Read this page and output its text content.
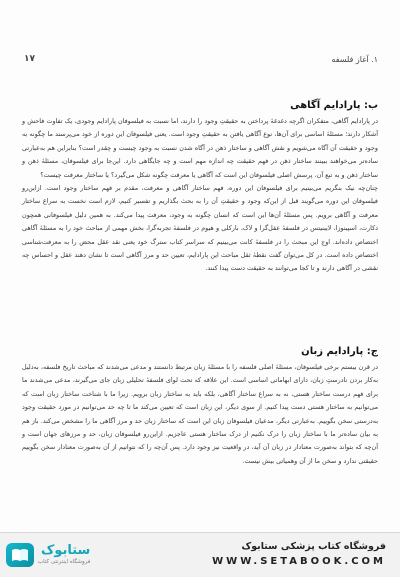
۱. آغاز فلسفه
۱۷
ب: پارادایم آگاهی

در پارادایم آگاهی، متفکران اگرچه دغدغهٔ پرداختن به حقیقتِ وجود را دارند، اما نسبت به فیلسوفان پارادایم وجودی، یک تفاوت فاحش و آشکار دارند؛ مسئلهٔ اساسی برای آن‌ها، نوع آگاهی یافتن به حقیقتِ وجود است. یعنی فیلسوفان این دوره از خود می‌پرسند ما چگونه به وجود و حقیقت آن آگاه می‌شویم و نقش آگاهی و ساختار ذهن در آگاه شدن نسبت به وجود چیست و چقدر است؟ بنابراین هم به‌عبارتی ساده‌تر می‌خواهند ببینند ساختار ذهن در فهم حقیقت چه اندازه مهم است و چه جایگاهی دارد. این‌جا برای فیلسوفان، مسئلهٔ ذهن و ساختار ذهن و به تبع آن، پرسش اصلی فیلسوفان این است که آگاهی یا معرفت چگونه شکل می‌گیرد؟ یا ساختار معرفت چیست؟

چنان‌چه نیک بنگریم می‌بینیم برای فیلسوفان این دوره، فهم ساختار آگاهی و معرفت، مقدم بر فهم ساختار وجود است. ازاین‌رو فیلسوفان این دوره می‌گویند قبل از این‌که وجود و حقیقتِ آن را به بحث بگذاریم و تفسیر کنیم، لازم است نخست به سراغ ساختار معرفت و آگاهی برویم. پس مسئلهٔ آن‌ها این است که انسان چگونه به وجود، معرفت پیدا می‌کند. به همین دلیل فیلسوفانی همچون دکارت، اسپینوزا، لایبنیتس در فلسفهٔ عقل‌گرا و لاک، بارکلی و هیوم در فلسفهٔ تجربه‌گرا، بخش مهمی از مباحث خود را به مسئلهٔ آگاهی اختصاص داده‌اند. اوج این مبحث را در فلسفهٔ کانت می‌بینیم که سراسر کتاب سترگ خود یعنی نقد عقل محض را به معرفت‌شناسی اختصاص داده است. در کل می‌توان گفت نقطهٔ ثقل مباحث این پارادایم، تعیین حد و مرز آگاهی است تا نشان دهند عقل و احساس چه نقشی در آگاهی دارند و تا کجا می‌توانند به حقیقت دست پیدا کنند.

ج: پارادایم زبان

در قرن بیستم برخی فیلسوفان، مسئلهٔ اصلی فلسفه را با مسئلهٔ زبان مرتبط دانستند و مدعی می‌شدند که مباحث تاریخ فلسفه، به‌دلیل به‌کار بردن نادرستِ زبان، دارای ابهاماتی اساسی است. این علاقه که تحت لوای فلسفهٔ تحلیلی زبان جای می‌گیرند، مدعی می‌شدند ما برای فهم درست ساختار هستی، نه به سراغ ساختار آگاهی، بلکه باید به ساختار زبان برویم. زیرا ما با شناخت ساختار زبان است که می‌توانیم به ساختار هستی دست پیدا کنیم. از سوی دیگر، این زبان است که تعیین می‌کند ما تا چه حد می‌توانیم در مورد حقیقت وجود به‌درستی سخن بگوییم. به‌عبارتی دیگر، مدعیان فیلسوفان زبان این است که ساختار زبان حد و مرز آگاهی ما را مشخص می‌کند. باز هم به بیان ساده‌تر ما با ساختار زبان را درک نکنیم از درک ساختار هستی عاجزیم. ازاین‌رو فیلسوفان زبان، حد و مرزهای جهان است و آن‌چه که بتواند به‌صورت معنادار در زبان آن آید، در واقعیت نیز وجود دارد. پس آن‌چه را که نتوانیم از آن به‌صورت معنادار سخن بگوییم حقیقتی ندارد و سخن ما از آن وهمیاتی بیش نیست.

ستابوک
فروشگاه اینترنتی کتاب
فروشگاه کتاب پزشکی ستابوک
WWW.SETABOOK.COM
